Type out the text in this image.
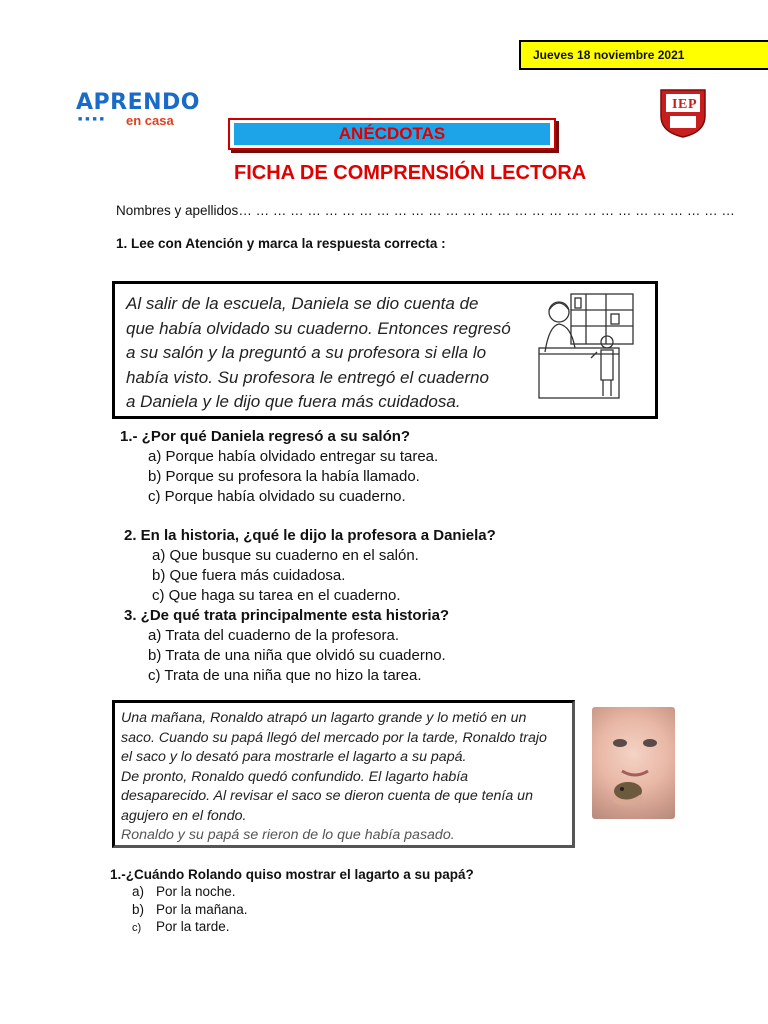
Jueves 18 noviembre 2021
APRENDO
■■■■ en casa
I E P
ANÉCDOTAS
FICHA DE COMPRENSIÓN LECTORA
Nombres y apellidos… … … … … … … … … … … … … … … … … … … … … … … … … … … … …
1. Lee con Atención y marca la respuesta correcta :
Al salir de la escuela, Daniela se dio cuenta de
que había olvidado su cuaderno. Entonces regresó
a su salón y la preguntó a su profesora si ella lo
había visto. Su profesora le entregó el cuaderno
a Daniela y le dijo que fuera más cuidadosa.
1.- ¿Por qué Daniela regresó a su salón?
a) Porque había olvidado entregar su tarea.
b) Porque su profesora la había llamado.
c) Porque había olvidado su cuaderno.
2. En la historia, ¿qué le dijo la profesora a Daniela?
a) Que busque su cuaderno en el salón.
b) Que fuera más cuidadosa.
c) Que haga su tarea en el cuaderno.
3. ¿De qué trata principalmente esta historia?
a) Trata del cuaderno de la profesora.
b) Trata de una niña que olvidó su cuaderno.
c) Trata de una niña que no hizo la tarea.
Una mañana, Ronaldo atrapó un lagarto grande y lo metió en un
saco. Cuando su papá llegó del mercado por la tarde, Ronaldo trajo
el saco y lo desató para mostrarle el lagarto a su papá.
De pronto, Ronaldo quedó confundido. El lagarto había
desaparecido. Al revisar el saco se dieron cuenta de que tenía un
agujero en el fondo.
Ronaldo y su papá se rieron de lo que había pasado.
1.-¿Cuándo Rolando quiso mostrar el lagarto a su papá?
a) Por la noche.
b) Por la mañana.
c) Por la tarde.
